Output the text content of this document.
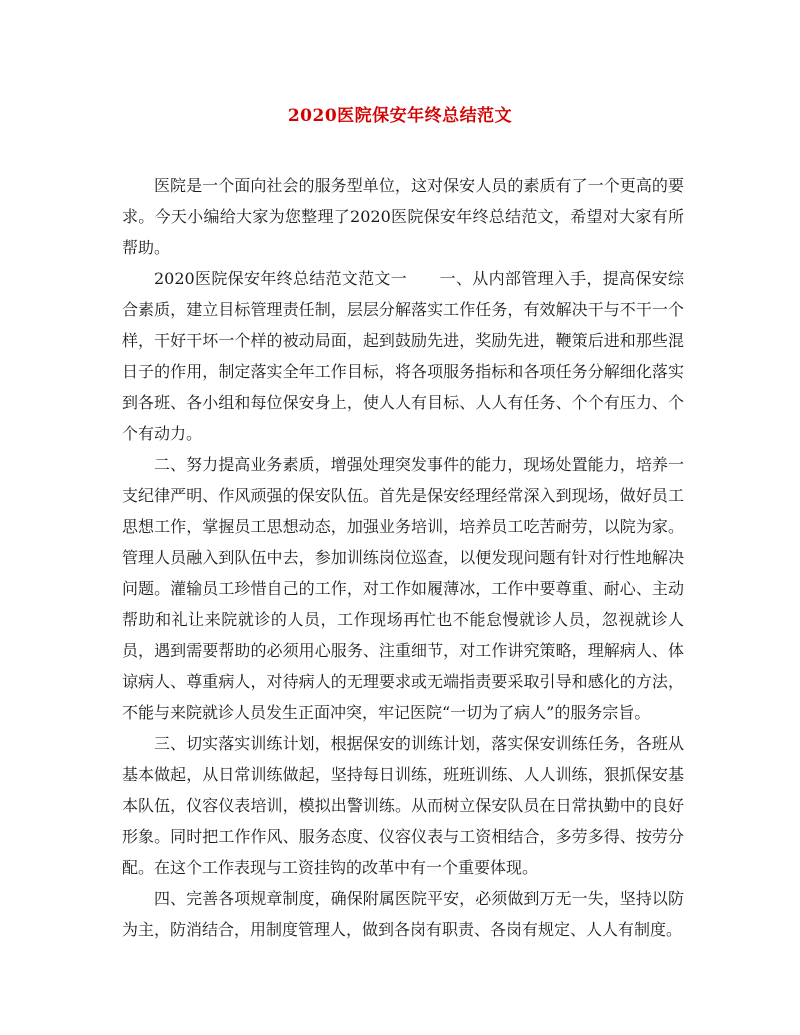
2020医院保安年终总结范文

医院是一个面向社会的服务型单位，这对保安人员的素质有了一个更高的要求。今天小编给大家为您整理了2020医院保安年终总结范文，希望对大家有所帮助。

2020医院保安年终总结范文范文一　　一、从内部管理入手，提高保安综合素质，建立目标管理责任制，层层分解落实工作任务，有效解决干与不干一个样，干好干坏一个样的被动局面，起到鼓励先进，奖励先进，鞭策后进和那些混日子的作用，制定落实全年工作目标，将各项服务指标和各项任务分解细化落实到各班、各小组和每位保安身上，使人人有目标、人人有任务、个个有压力、个个有动力。

二、努力提高业务素质，增强处理突发事件的能力，现场处置能力，培养一支纪律严明、作风顽强的保安队伍。首先是保安经理经常深入到现场，做好员工思想工作，掌握员工思想动态，加强业务培训，培养员工吃苦耐劳，以院为家。管理人员融入到队伍中去，参加训练岗位巡查，以便发现问题有针对行性地解决问题。灌输员工珍惜自己的工作，对工作如履薄冰，工作中要尊重、耐心、主动帮助和礼让来院就诊的人员，工作现场再忙也不能怠慢就诊人员，忽视就诊人员，遇到需要帮助的必须用心服务、注重细节，对工作讲究策略，理解病人、体谅病人、尊重病人，对待病人的无理要求或无端指责要采取引导和感化的方法，不能与来院就诊人员发生正面冲突，牢记医院“一切为了病人”的服务宗旨。

三、切实落实训练计划，根据保安的训练计划，落实保安训练任务，各班从基本做起，从日常训练做起，坚持每日训练，班班训练、人人训练，狠抓保安基本队伍，仪容仪表培训，模拟出警训练。从而树立保安队员在日常执勤中的良好形象。同时把工作作风、服务态度、仪容仪表与工资相结合，多劳多得、按劳分配。在这个工作表现与工资挂钩的改革中有一个重要体现。

四、完善各项规章制度，确保附属医院平安，必须做到万无一失，坚持以防为主，防消结合，用制度管理人，做到各岗有职责、各岗有规定、人人有制度。
